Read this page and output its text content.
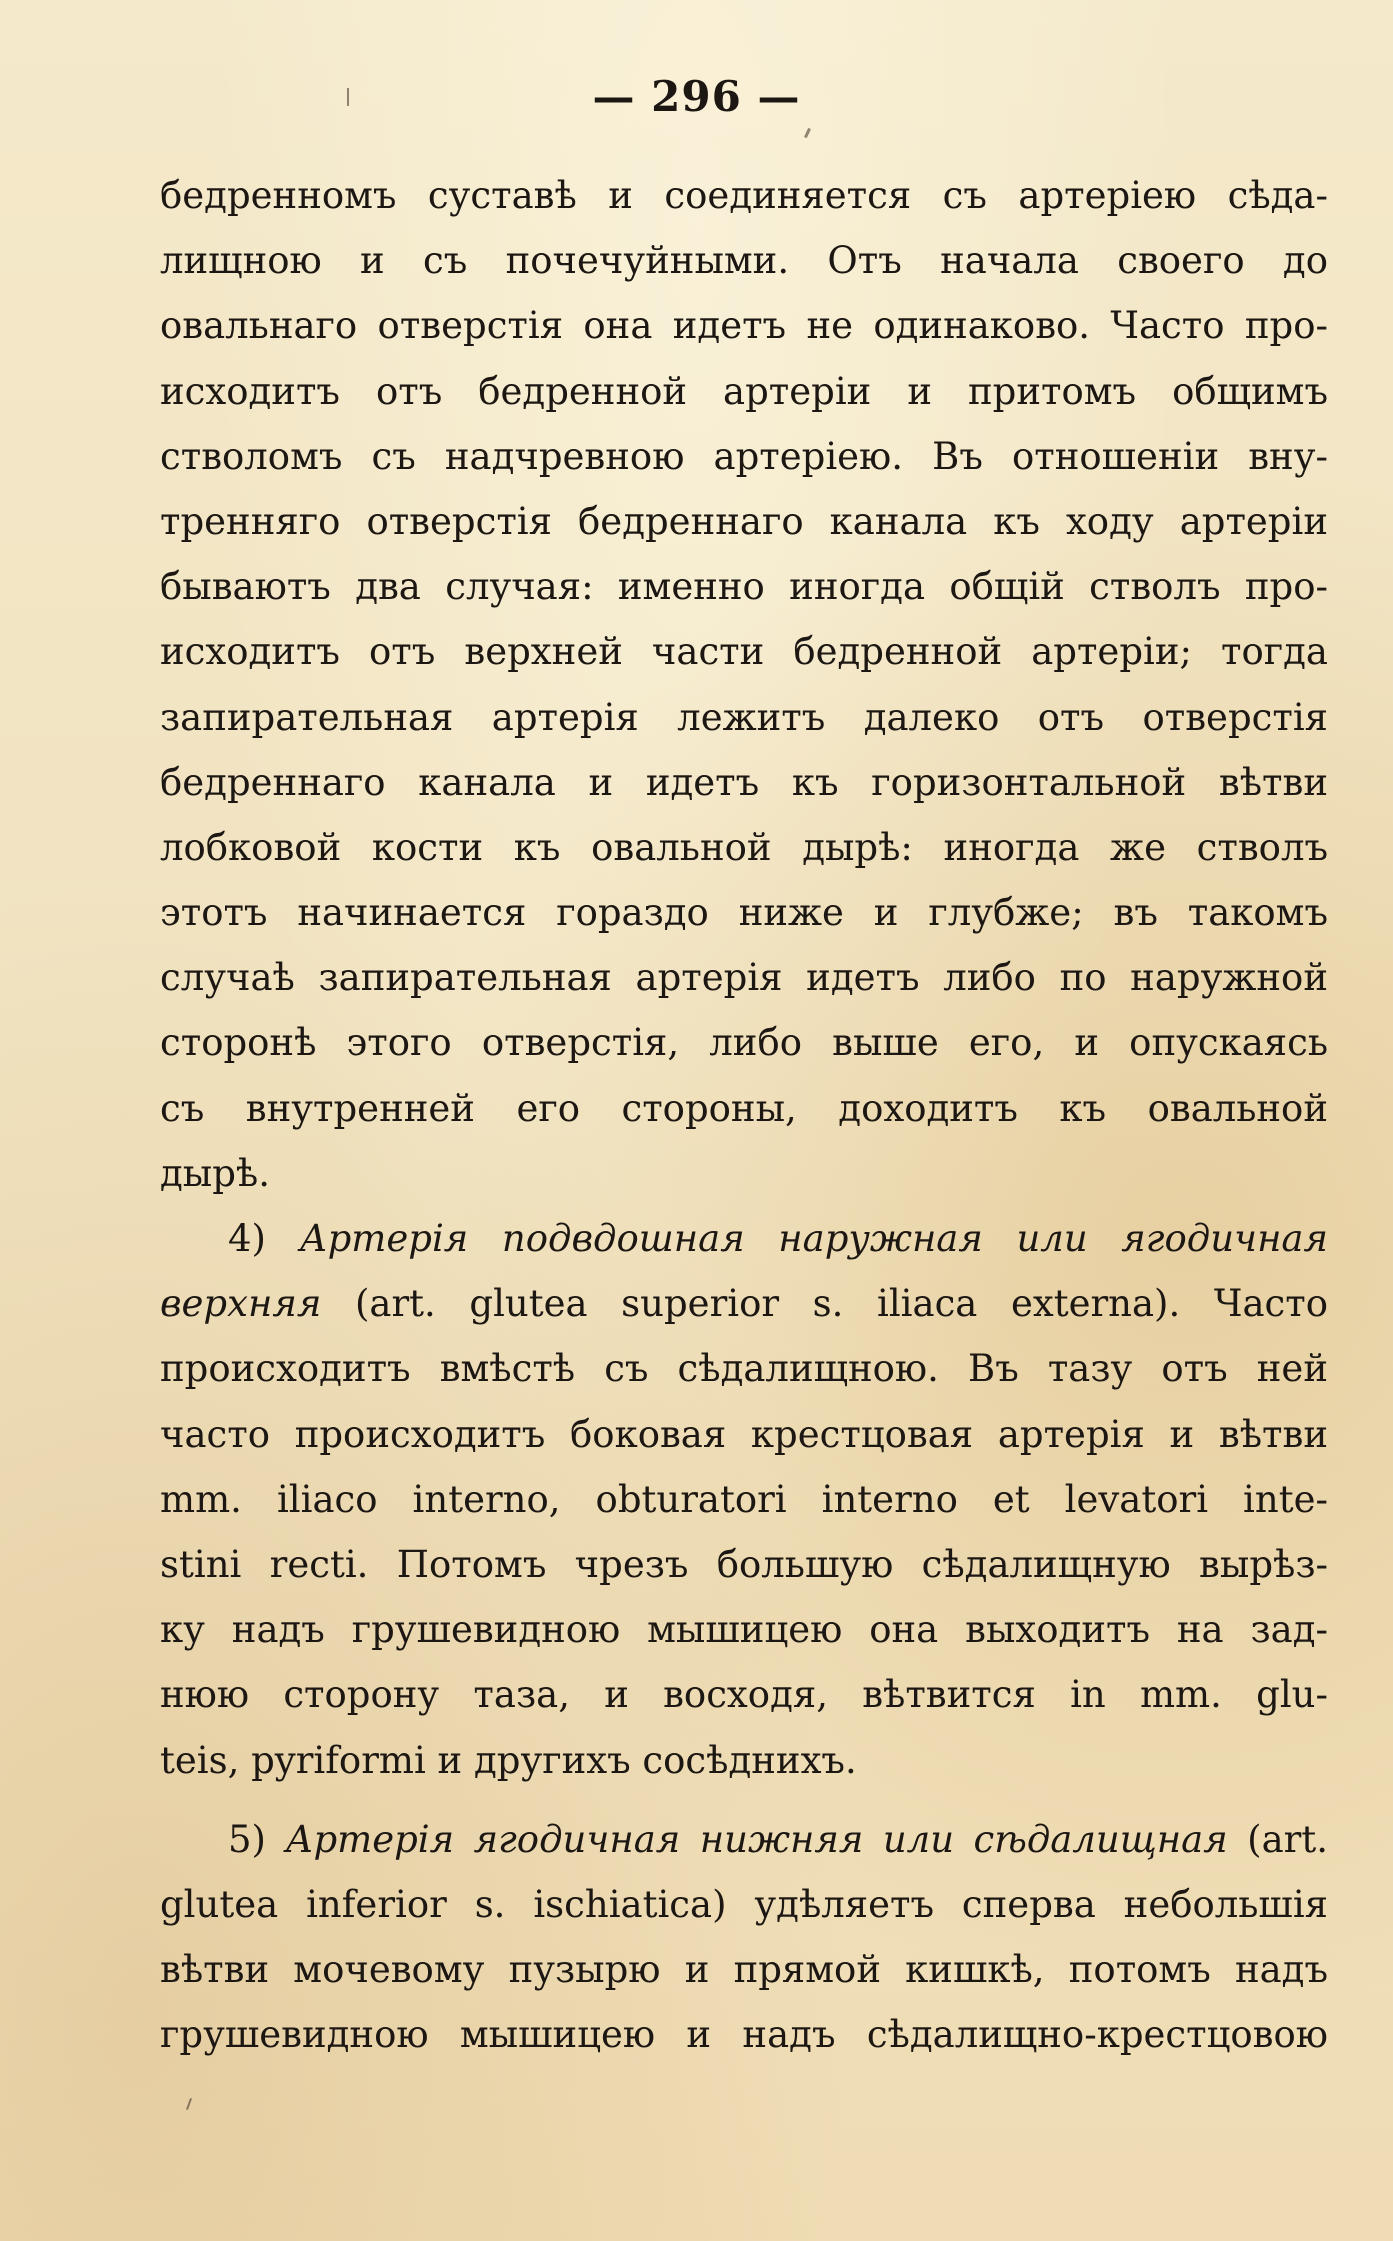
— 296 —
бедренномъ суставѣ и соединяется съ артеріею сѣда-
лищною и съ почечуйными. Отъ начала своего до
овальнаго отверстія она идетъ не одинаково. Часто про-
исходитъ отъ бедренной артеріи и притомъ общимъ
стволомъ съ надчревною артеріею. Въ отношеніи вну-
тренняго отверстія бедреннаго канала къ ходу артеріи
бываютъ два случая: именно иногда общій стволъ про-
исходитъ отъ верхней части бедренной артеріи; тогда
запирательная артерія лежитъ далеко отъ отверстія
бедреннаго канала и идетъ къ горизонтальной вѣтви
лобковой кости къ овальной дырѣ: иногда же стволъ
этотъ начинается гораздо ниже и глубже; въ такомъ
случаѣ запирательная артерія идетъ либо по наружной
сторонѣ этого отверстія, либо выше его, и опускаясь
съ внутренней его стороны, доходитъ къ овальной
дырѣ.
4) Артерія подвдошная наружная или ягодичная
верхняя (art. glutea superior s. iliaca externa). Часто
происходитъ вмѣстѣ съ сѣдалищною. Въ тазу отъ ней
часто происходитъ боковая крестцовая артерія и вѣтви
mm. iliaco interno, obturatori interno et levatori inte-
stini recti. Потомъ чрезъ большую сѣдалищную вырѣз-
ку надъ грушевидною мышицею она выходитъ на зад-
нюю сторону таза, и восходя, вѣтвится in mm. glu-
teis, pyriformi и другихъ сосѣднихъ.
5) Артерія ягодичная нижняя или сѣдалищная (art.
glutea inferior s. ischiatica) удѣляетъ сперва небольшія
вѣтви мочевому пузырю и прямой кишкѣ, потомъ надъ
грушевидною мышицею и надъ сѣдалищно-крестцовою
